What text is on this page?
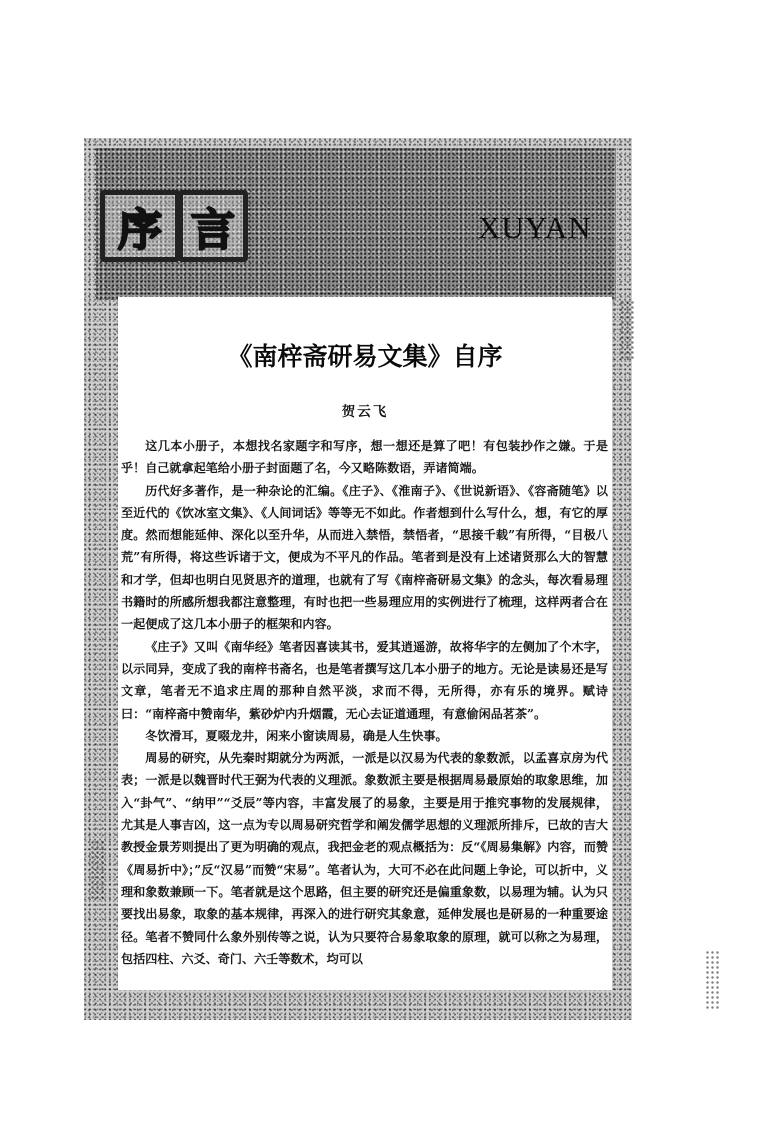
序 言	XUYAN
《南梓斋研易文集》自序
贺云飞

这几本小册子，本想找名家题字和写序，想一想还是算了吧！有包装抄作之嫌。于是乎！自己就拿起笔给小册子封面题了名，今又略陈数语，弄诸简端。

历代好多著作，是一种杂论的汇编。《庄子》、《淮南子》、《世说新语》、《容斋随笔》以至近代的《饮冰室文集》、《人间词话》等等无不如此。作者想到什么写什么，想，有它的厚度。然而想能延伸、深化以至升华，从而进入禁悟，禁悟者，“思接千载”有所得，“目极八荒”有所得，将这些诉诸于文，便成为不平凡的作品。笔者到是没有上述诸贤那么大的智慧和才学，但却也明白见贤思齐的道理，也就有了写《南梓斋研易文集》的念头，每次看易理书籍时的所感所想我都注意整理，有时也把一些易理应用的实例进行了梳理，这样两者合在一起便成了这几本小册子的框架和内容。

《庄子》又叫《南华经》笔者因喜读其书，爱其逍遥游，故将华字的左侧加了个木字，以示同异，变成了我的南梓书斋名，也是笔者撰写这几本小册子的地方。无论是读易还是写文章，笔者无不追求庄周的那种自然平淡，求而不得，无所得，亦有乐的境界。赋诗曰：“南梓斋中赞南华，紫砂炉内升烟霞，无心去证道通理，有意偷闲品茗茶”。

冬饮滑耳，夏啜龙井，闲来小窗读周易，确是人生快事。

周易的研究，从先秦时期就分为两派，一派是以汉易为代表的象数派，以孟喜京房为代表；一派是以魏晋时代王弼为代表的义理派。象数派主要是根据周易最原始的取象思维，加入“卦气”、“纳甲”“爻辰”等内容，丰富发展了的易象，主要是用于推究事物的发展规律，尤其是人事吉凶，这一点为专以周易研究哲学和阐发儒学思想的义理派所排斥，已故的吉大教授金景芳则提出了更为明确的观点，我把金老的观点概括为：反“《周易集解》内容，而赞《周易折中》；”反“汉易”而赞“宋易”。笔者认为，大可不必在此问题上争论，可以折中，义理和象数兼顾一下。笔者就是这个思路，但主要的研究还是偏重象数，以易理为辅。认为只要找出易象，取象的基本规律，再深入的进行研究其象意，延伸发展也是研易的一种重要途径。笔者不赞同什么象外别传等之说，认为只要符合易象取象的原理，就可以称之为易理，包括四柱、六爻、奇门、六壬等数术，均可以
